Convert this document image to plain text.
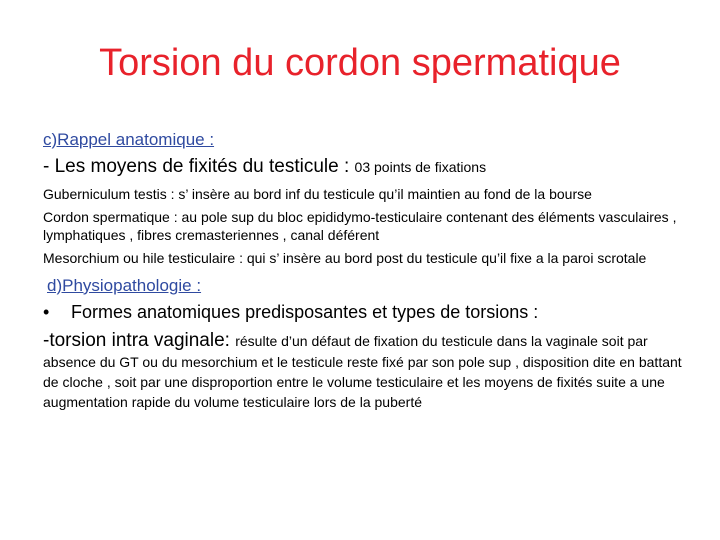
Torsion du cordon spermatique
c)Rappel anatomique :
- Les moyens de fixités du testicule : 03 points de fixations
Guberniculum testis : s’ insère au bord inf du testicule qu’il maintien au fond de la bourse
Cordon spermatique : au pole sup du bloc epididymo-testiculaire contenant des éléments vasculaires , lymphatiques , fibres cremasteriennes , canal déférent
Mesorchium ou hile testiculaire : qui s’ insère au bord post du testicule qu’il fixe a la paroi scrotale
d)Physiopathologie :
•	Formes anatomiques predisposantes et types de torsions :

-torsion intra vaginale: résulte d’un défaut de fixation du testicule dans la vaginale soit par absence du GT ou du mesorchium et le testicule reste fixé par son pole sup , disposition dite en battant de cloche , soit par une disproportion entre le volume testiculaire et les moyens de fixités suite a une augmentation rapide du volume testiculaire lors de la puberté
